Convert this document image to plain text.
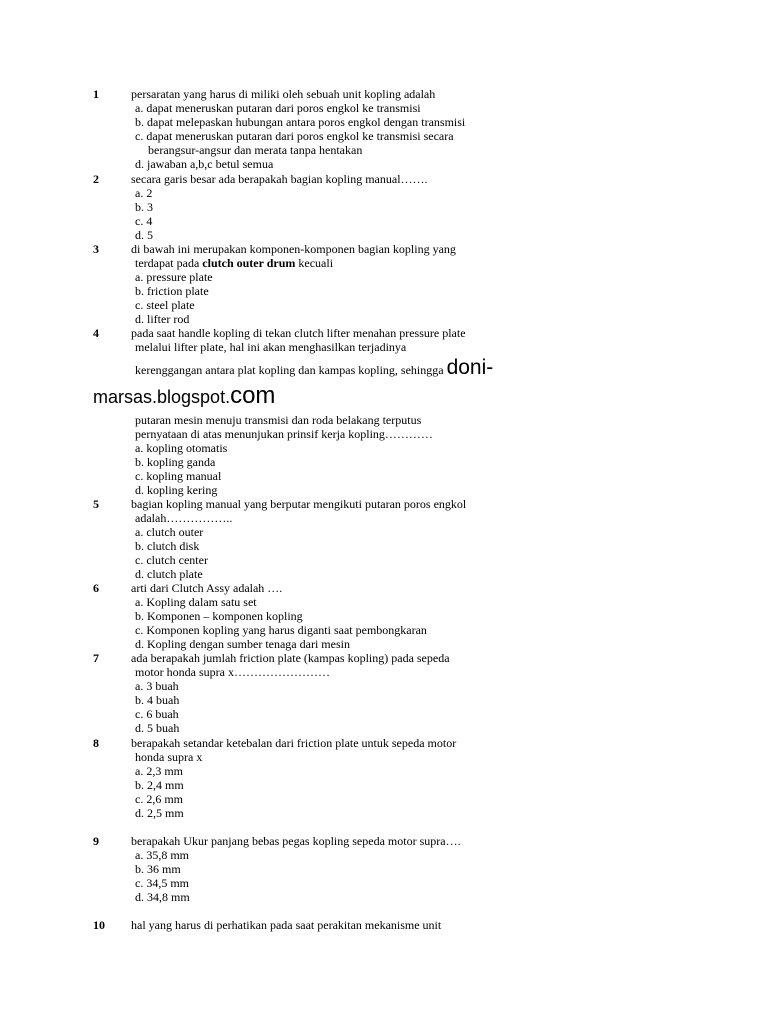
1	persaratan yang harus di miliki oleh sebuah unit kopling adalah
a. dapat meneruskan putaran dari poros engkol ke transmisi
b. dapat melepaskan hubungan antara poros engkol dengan transmisi
c. dapat meneruskan putaran dari poros engkol ke transmisi secara
berangsur-angsur dan merata tanpa hentakan
d. jawaban a,b,c betul semua
2	secara garis besar ada berapakah bagian kopling manual…….
a. 2
b. 3
c. 4
d. 5
3	di bawah ini merupakan komponen-komponen bagian kopling yang
terdapat pada clutch outer drum kecuali
a. pressure plate
b. friction plate
c. steel plate
d. lifter rod
4	pada saat handle kopling di tekan clutch lifter menahan pressure plate
melalui lifter plate, hal ini akan menghasilkan terjadinya
kerenggangan antara plat kopling dan kampas kopling, sehingga doni-
marsas.blogspot.com
putaran mesin menuju transmisi dan roda belakang terputus
pernyataan di atas menunjukan prinsif kerja kopling…………
a. kopling otomatis
b. kopling ganda
c. kopling manual
d. kopling kering
5	bagian kopling manual yang berputar mengikuti putaran poros engkol
adalah……………..
a. clutch outer
b. clutch disk
c. clutch center
d. clutch plate
6	arti dari Clutch Assy adalah ….
a. Kopling dalam satu set
b. Komponen – komponen kopling
c. Komponen kopling yang harus diganti saat pembongkaran
d. Kopling dengan sumber tenaga dari mesin
7	ada berapakah jumlah friction plate (kampas kopling) pada sepeda
motor honda supra x……………………
a. 3 buah
b. 4 buah
c. 6 buah
d. 5 buah
8	berapakah setandar ketebalan dari friction plate untuk sepeda motor
honda supra x
a. 2,3 mm
b. 2,4 mm
c. 2,6 mm
d. 2,5 mm
9	berapakah Ukur panjang bebas pegas kopling sepeda motor supra….
a. 35,8 mm
b. 36 mm
c. 34,5 mm
d. 34,8 mm
10 hal yang harus di perhatikan pada saat perakitan mekanisme unit
